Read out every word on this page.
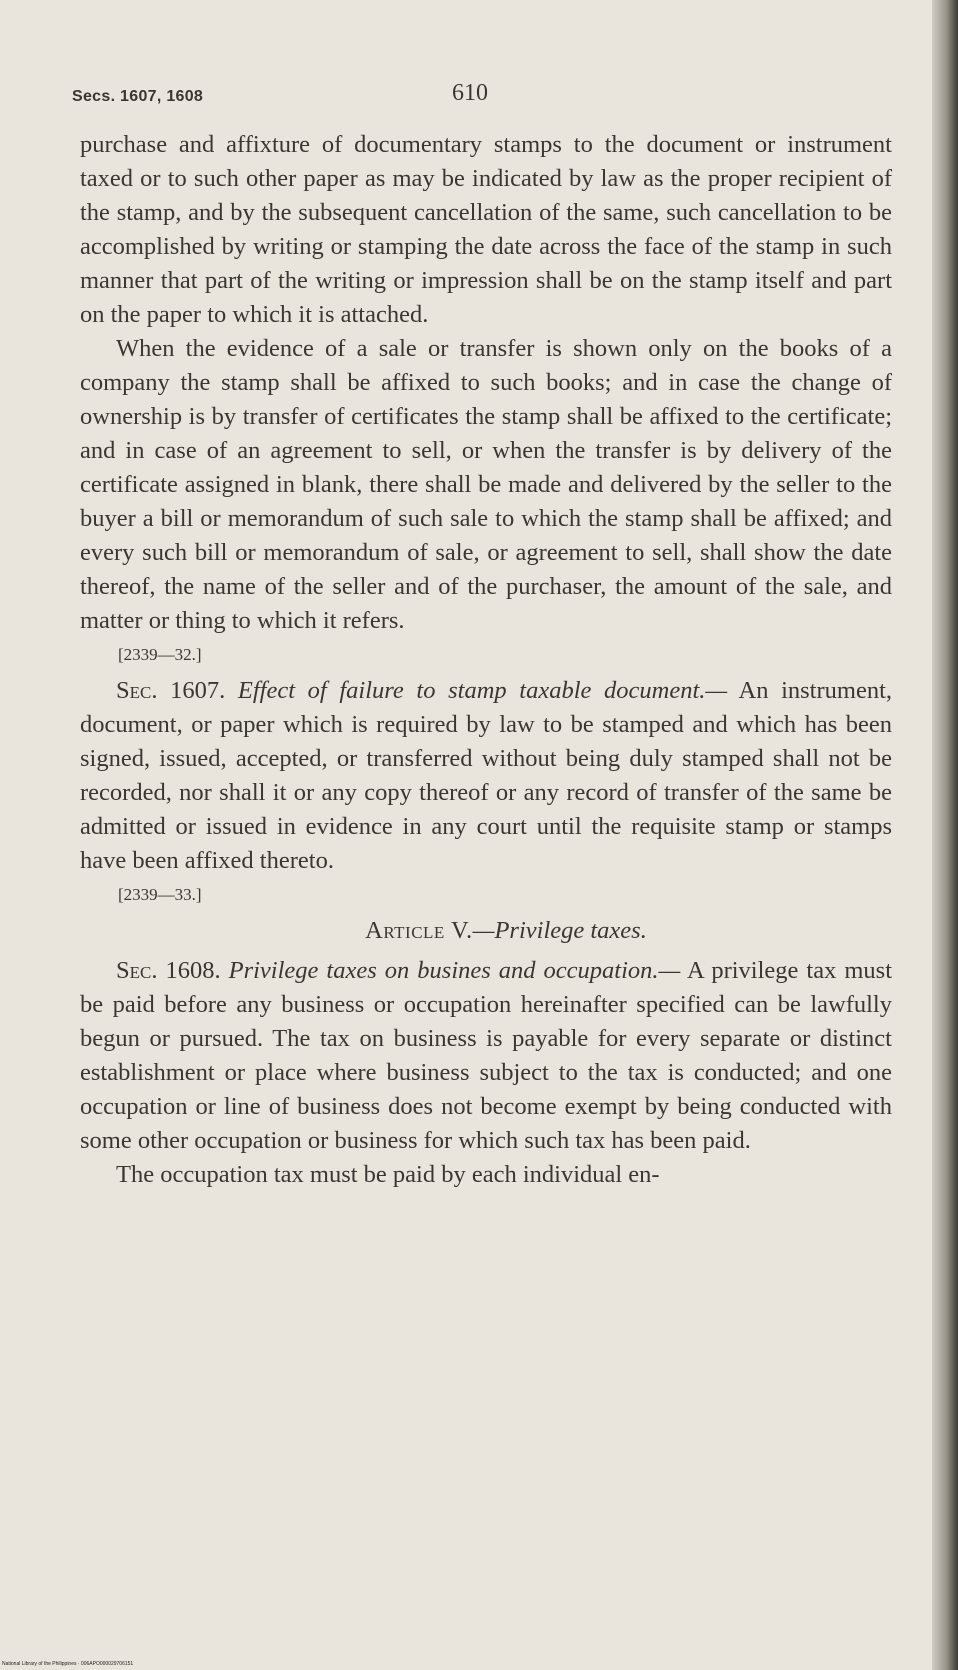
Secs. 1607, 1608	610

purchase and affixture of documentary stamps to the document or instrument taxed or to such other paper as may be indicated by law as the proper recipient of the stamp, and by the subsequent cancellation of the same, such cancellation to be accomplished by writing or stamping the date across the face of the stamp in such manner that part of the writing or impression shall be on the stamp itself and part on the paper to which it is attached.

When the evidence of a sale or transfer is shown only on the books of a company the stamp shall be affixed to such books; and in case the change of ownership is by transfer of certificates the stamp shall be affixed to the certificate; and in case of an agreement to sell, or when the transfer is by delivery of the certificate assigned in blank, there shall be made and delivered by the seller to the buyer a bill or memorandum of such sale to which the stamp shall be affixed; and every such bill or memorandum of sale, or agreement to sell, shall show the date thereof, the name of the seller and of the purchaser, the amount of the sale, and matter or thing to which it refers.

[2339—32.]

Sec. 1607. Effect of failure to stamp taxable document.— An instrument, document, or paper which is required by law to be stamped and which has been signed, issued, accepted, or transferred without being duly stamped shall not be recorded, nor shall it or any copy thereof or any record of transfer of the same be admitted or issued in evidence in any court until the requisite stamp or stamps have been affixed thereto.

[2339—33.]
Article V.—Privilege taxes.

Sec. 1608. Privilege taxes on busines and occupation.— A privilege tax must be paid before any business or occupation hereinafter specified can be lawfully begun or pursued. The tax on business is payable for every separate or distinct establishment or place where business subject to the tax is conducted; and one occupation or line of business does not become exempt by being conducted with some other occupation or business for which such tax has been paid.

The occupation tax must be paid by each individual en-

National Library of the Philippines · 006APO000029706151
